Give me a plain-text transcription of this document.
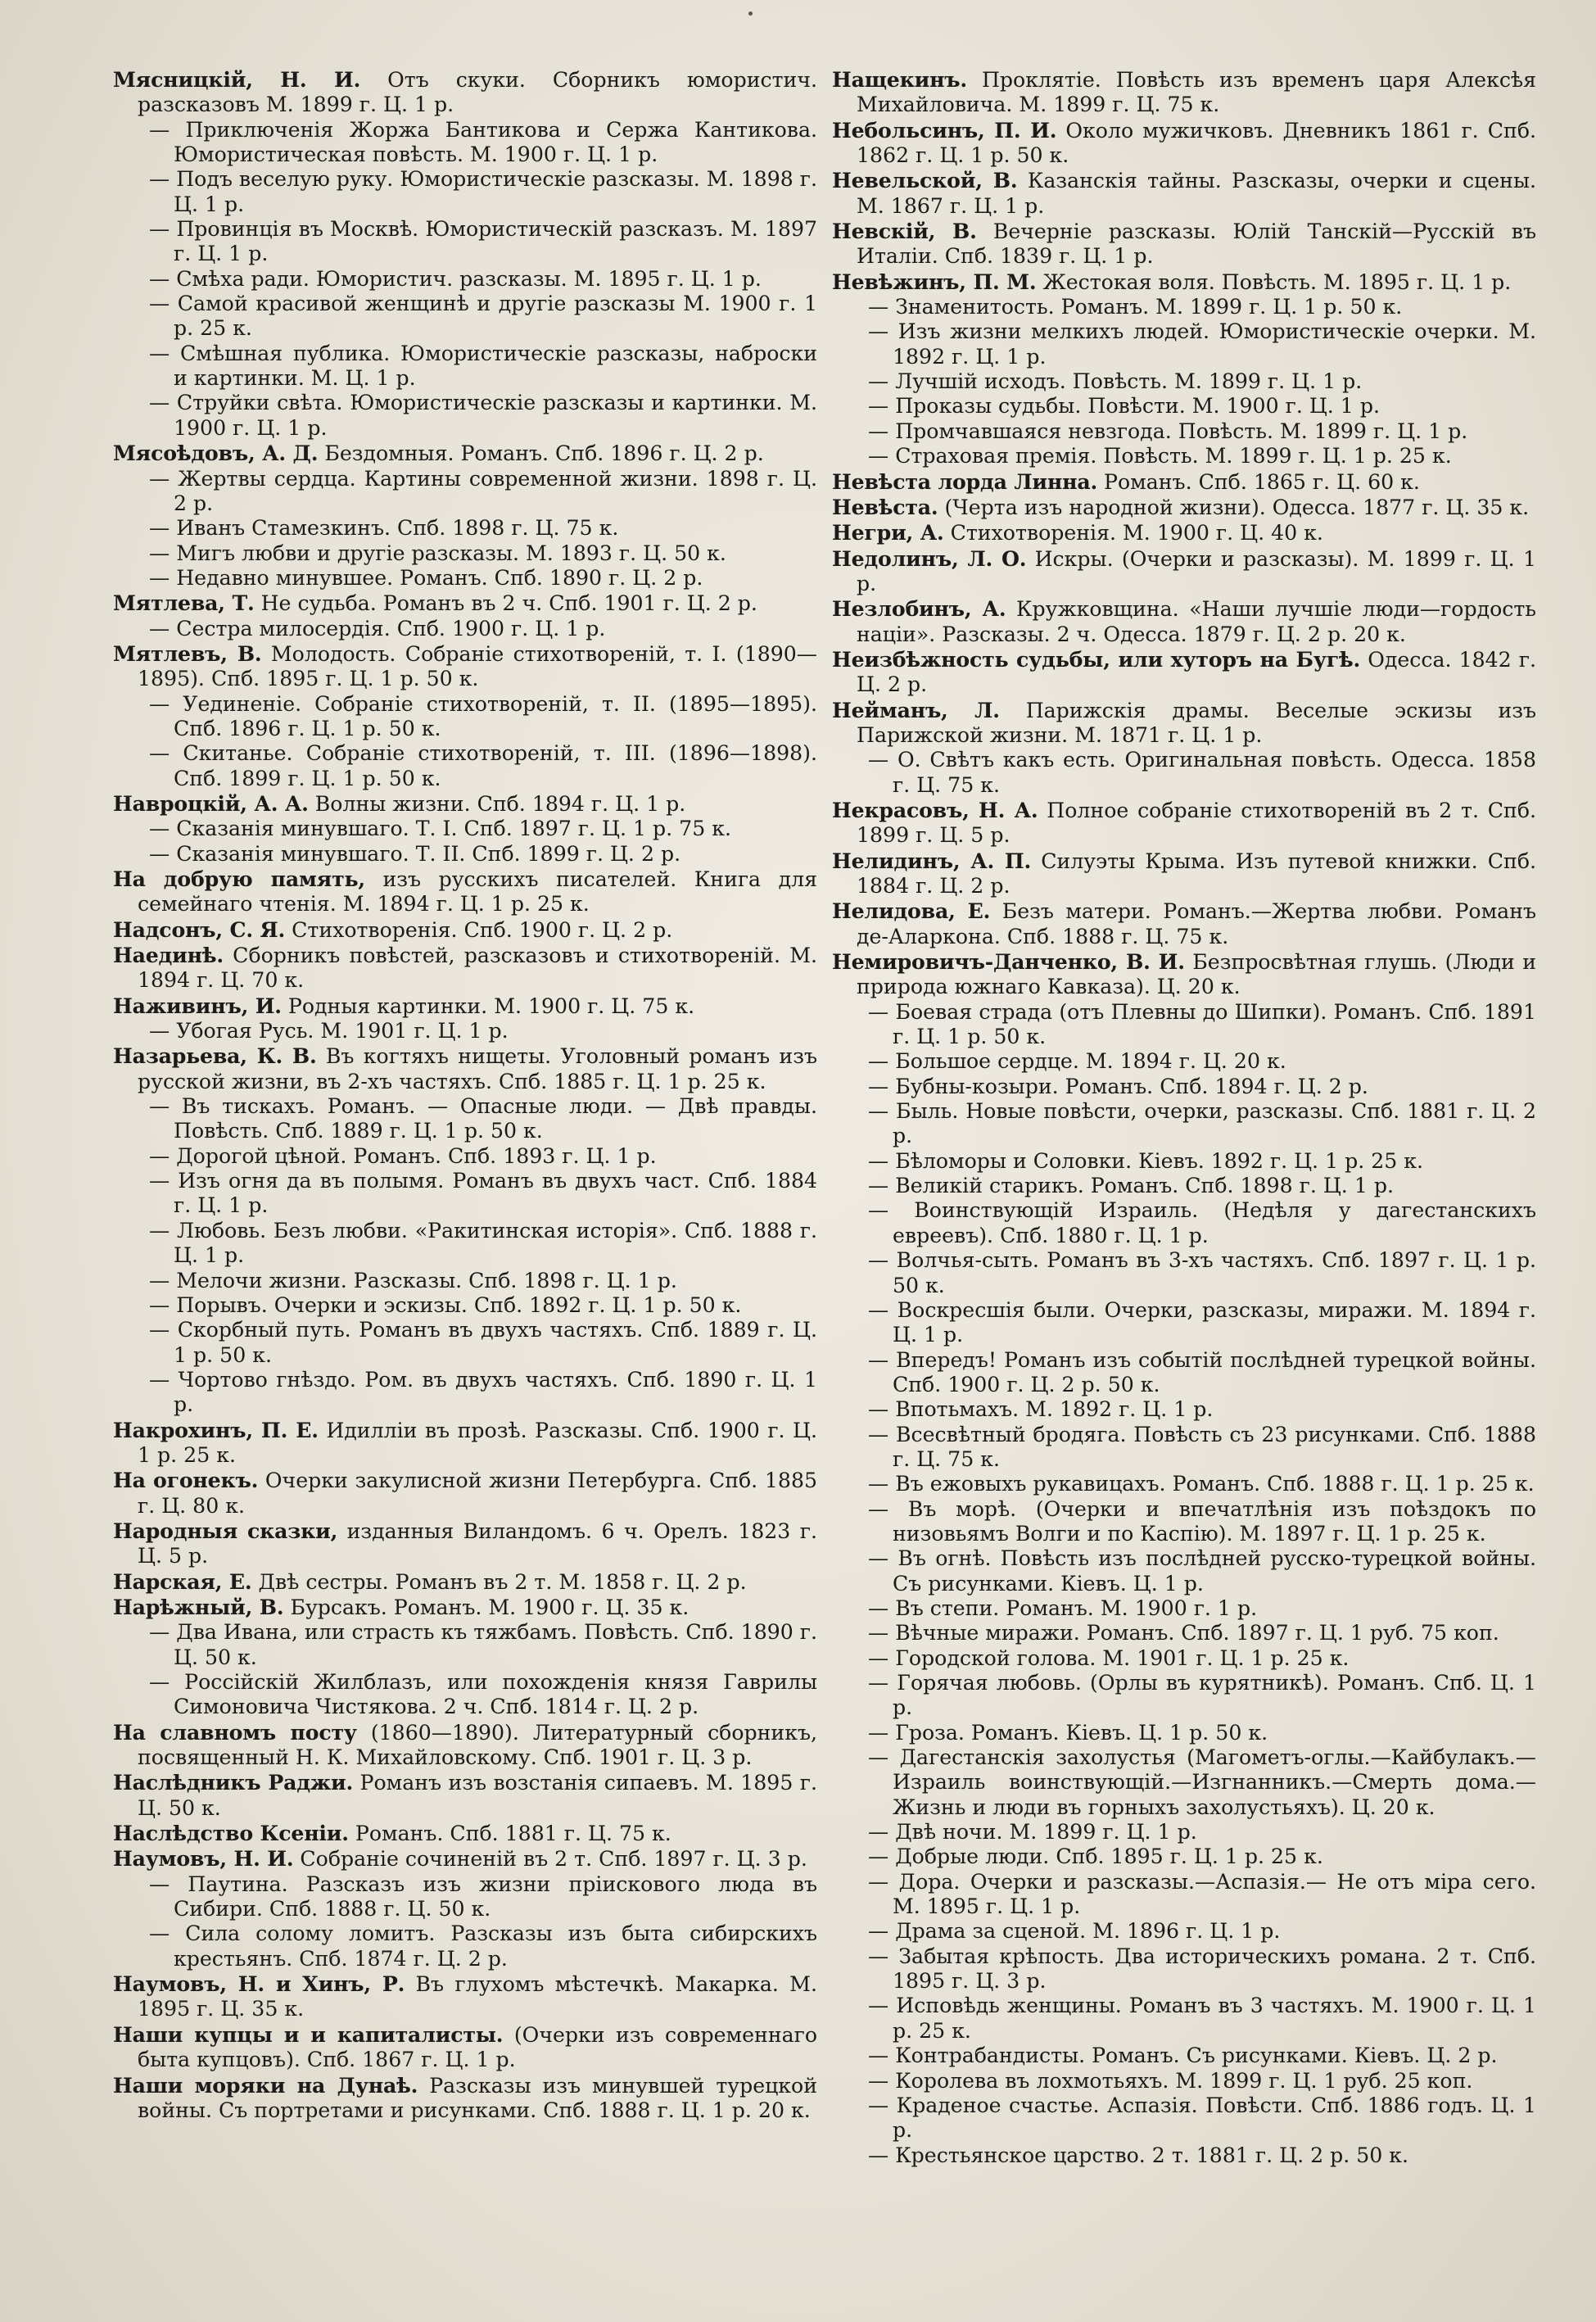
Мясницкій, Н. И. Отъ скуки. Сборникъ юмористич. разсказовъ М. 1899 г. Ц. 1 р.

— Приключенія Жоржа Бантикова и Сержа Кантикова. Юмористическая повѣсть. М. 1900 г. Ц. 1 р.

— Подъ веселую руку. Юмористическіе разсказы. М. 1898 г. Ц. 1 р.

— Провинція въ Москвѣ. Юмористическій разсказъ. М. 1897 г. Ц. 1 р.

— Смѣха ради. Юмористич. разсказы. М. 1895 г. Ц. 1 р.

— Самой красивой женщинѣ и другіе разсказы М. 1900 г. 1 р. 25 к.

— Смѣшная публика. Юмористическіе разсказы, наброски и картинки. М. Ц. 1 р.

— Струйки свѣта. Юмористическіе разсказы и картинки. М. 1900 г. Ц. 1 р.

Мясоѣдовъ, А. Д. Бездомныя. Романъ. Спб. 1896 г. Ц. 2 р.

— Жертвы сердца. Картины современной жизни. 1898 г. Ц. 2 р.

— Иванъ Стамезкинъ. Спб. 1898 г. Ц. 75 к.

— Мигъ любви и другіе разсказы. М. 1893 г. Ц. 50 к.

— Недавно минувшее. Романъ. Спб. 1890 г. Ц. 2 р.

Мятлева, Т. Не судьба. Романъ въ 2 ч. Спб. 1901 г. Ц. 2 р.

— Сестра милосердія. Спб. 1900 г. Ц. 1 р.

Мятлевъ, В. Молодость. Собраніе стихотвореній, т. I. (1890—1895). Спб. 1895 г. Ц. 1 р. 50 к.

— Уединеніе. Собраніе стихотвореній, т. II. (1895—1895). Спб. 1896 г. Ц. 1 р. 50 к.

— Скитанье. Собраніе стихотвореній, т. III. (1896—1898). Спб. 1899 г. Ц. 1 р. 50 к.

Навроцкій, А. А. Волны жизни. Спб. 1894 г. Ц. 1 р.

— Сказанія минувшаго. Т. I. Спб. 1897 г. Ц. 1 р. 75 к.

— Сказанія минувшаго. Т. II. Спб. 1899 г. Ц. 2 р.

На добрую память, изъ русскихъ писателей. Книга для семейнаго чтенія. М. 1894 г. Ц. 1 р. 25 к.

Надсонъ, С. Я. Стихотворенія. Спб. 1900 г. Ц. 2 р.

Наединѣ. Сборникъ повѣстей, разсказовъ и стихотвореній. М. 1894 г. Ц. 70 к.

Наживинъ, И. Родныя картинки. М. 1900 г. Ц. 75 к.

— Убогая Русь. М. 1901 г. Ц. 1 р.

Назарьева, К. В. Въ когтяхъ нищеты. Уголовный романъ изъ русской жизни, въ 2-хъ частяхъ. Спб. 1885 г. Ц. 1 р. 25 к.

— Въ тискахъ. Романъ. — Опасные люди. — Двѣ правды. Повѣсть. Спб. 1889 г. Ц. 1 р. 50 к.

— Дорогой цѣной. Романъ. Спб. 1893 г. Ц. 1 р.

— Изъ огня да въ полымя. Романъ въ двухъ част. Спб. 1884 г. Ц. 1 р.

— Любовь. Безъ любви. «Ракитинская исторія». Спб. 1888 г. Ц. 1 р.

— Мелочи жизни. Разсказы. Спб. 1898 г. Ц. 1 р.

— Порывъ. Очерки и эскизы. Спб. 1892 г. Ц. 1 р. 50 к.

— Скорбный путь. Романъ въ двухъ частяхъ. Спб. 1889 г. Ц. 1 р. 50 к.

— Чортово гнѣздо. Ром. въ двухъ частяхъ. Спб. 1890 г. Ц. 1 р.

Накрохинъ, П. Е. Идилліи въ прозѣ. Разсказы. Спб. 1900 г. Ц. 1 р. 25 к.

На огонекъ. Очерки закулисной жизни Петербурга. Спб. 1885 г. Ц. 80 к.

Народныя сказки, изданныя Виландомъ. 6 ч. Орелъ. 1823 г. Ц. 5 р.

Нарская, Е. Двѣ сестры. Романъ въ 2 т. М. 1858 г. Ц. 2 р.

Нарѣжный, В. Бурсакъ. Романъ. М. 1900 г. Ц. 35 к.

— Два Ивана, или страсть къ тяжбамъ. Повѣсть. Спб. 1890 г. Ц. 50 к.

— Россійскій Жилблазъ, или похожденія князя Гаврилы Симоновича Чистякова. 2 ч. Спб. 1814 г. Ц. 2 р.

На славномъ посту (1860—1890). Литературный сборникъ, посвященный Н. К. Михайловскому. Спб. 1901 г. Ц. 3 р.

Наслѣдникъ Раджи. Романъ изъ возстанія сипаевъ. М. 1895 г. Ц. 50 к.

Наслѣдство Ксеніи. Романъ. Спб. 1881 г. Ц. 75 к.

Наумовъ, Н. И. Собраніе сочиненій въ 2 т. Спб. 1897 г. Ц. 3 р.

— Паутина. Разсказъ изъ жизни пріискового люда въ Сибири. Спб. 1888 г. Ц. 50 к.

— Сила солому ломитъ. Разсказы изъ быта сибирскихъ крестьянъ. Спб. 1874 г. Ц. 2 р.

Наумовъ, Н. и Хинъ, Р. Въ глухомъ мѣстечкѣ. Макарка. М. 1895 г. Ц. 35 к.

Наши купцы и и капиталисты. (Очерки изъ современнаго быта купцовъ). Спб. 1867 г. Ц. 1 р.

Наши моряки на Дунаѣ. Разсказы изъ минувшей турецкой войны. Съ портретами и рисунками. Спб. 1888 г. Ц. 1 р. 20 к.

Нащекинъ. Проклятіе. Повѣсть изъ временъ царя Алексѣя Михайловича. М. 1899 г. Ц. 75 к.

Небольсинъ, П. И. Около мужичковъ. Дневникъ 1861 г. Спб. 1862 г. Ц. 1 р. 50 к.

Невельской, В. Казанскія тайны. Разсказы, очерки и сцены. М. 1867 г. Ц. 1 р.

Невскій, В. Вечерніе разсказы. Юлій Танскій—Русскій въ Италіи. Спб. 1839 г. Ц. 1 р.

Невѣжинъ, П. М. Жестокая воля. Повѣсть. М. 1895 г. Ц. 1 р.

— Знаменитость. Романъ. М. 1899 г. Ц. 1 р. 50 к.

— Изъ жизни мелкихъ людей. Юмористическіе очерки. М. 1892 г. Ц. 1 р.

— Лучшій исходъ. Повѣсть. М. 1899 г. Ц. 1 р.

— Проказы судьбы. Повѣсти. М. 1900 г. Ц. 1 р.

— Промчавшаяся невзгода. Повѣсть. М. 1899 г. Ц. 1 р.

— Страховая премія. Повѣсть. М. 1899 г. Ц. 1 р. 25 к.

Невѣста лорда Линна. Романъ. Спб. 1865 г. Ц. 60 к.

Невѣста. (Черта изъ народной жизни). Одесса. 1877 г. Ц. 35 к.

Негри, А. Стихотворенія. М. 1900 г. Ц. 40 к.

Недолинъ, Л. О. Искры. (Очерки и разсказы). М. 1899 г. Ц. 1 р.

Незлобинъ, А. Кружковщина. «Наши лучшіе люди—гордость націи». Разсказы. 2 ч. Одесса. 1879 г. Ц. 2 р. 20 к.

Неизбѣжность судьбы, или хуторъ на Бугѣ. Одесса. 1842 г. Ц. 2 р.

Нейманъ, Л. Парижскія драмы. Веселые эскизы изъ Парижской жизни. М. 1871 г. Ц. 1 р.

— О. Свѣтъ какъ есть. Оригинальная повѣсть. Одесса. 1858 г. Ц. 75 к.

Некрасовъ, Н. А. Полное собраніе стихотвореній въ 2 т. Спб. 1899 г. Ц. 5 р.

Нелидинъ, А. П. Силуэты Крыма. Изъ путевой книжки. Спб. 1884 г. Ц. 2 р.

Нелидова, Е. Безъ матери. Романъ.—Жертва любви. Романъ де-Аларкона. Спб. 1888 г. Ц. 75 к.

Немировичъ-Данченко, В. И. Безпросвѣтная глушь. (Люди и природа южнаго Кавказа). Ц. 20 к.

— Боевая страда (отъ Плевны до Шипки). Романъ. Спб. 1891 г. Ц. 1 р. 50 к.

— Большое сердце. М. 1894 г. Ц. 20 к.

— Бубны-козыри. Романъ. Спб. 1894 г. Ц. 2 р.

— Быль. Новые повѣсти, очерки, разсказы. Спб. 1881 г. Ц. 2 р.

— Бѣломоры и Соловки. Кіевъ. 1892 г. Ц. 1 р. 25 к.

— Великій старикъ. Романъ. Спб. 1898 г. Ц. 1 р.

— Воинствующій Израиль. (Недѣля у дагестанскихъ евреевъ). Спб. 1880 г. Ц. 1 р.

— Волчья-сыть. Романъ въ 3-хъ частяхъ. Спб. 1897 г. Ц. 1 р. 50 к.

— Воскресшія были. Очерки, разсказы, миражи. М. 1894 г. Ц. 1 р.

— Впередъ! Романъ изъ событій послѣдней турецкой войны. Спб. 1900 г. Ц. 2 р. 50 к.

— Впотьмахъ. М. 1892 г. Ц. 1 р.

— Всесвѣтный бродяга. Повѣсть съ 23 рисунками. Спб. 1888 г. Ц. 75 к.

— Въ ежовыхъ рукавицахъ. Романъ. Спб. 1888 г. Ц. 1 р. 25 к.

— Въ морѣ. (Очерки и впечатлѣнія изъ поѣздокъ по низовьямъ Волги и по Каспію). М. 1897 г. Ц. 1 р. 25 к.

— Въ огнѣ. Повѣсть изъ послѣдней русско-турецкой войны. Съ рисунками. Кіевъ. Ц. 1 р.

— Въ степи. Романъ. М. 1900 г. 1 р.

— Вѣчные миражи. Романъ. Спб. 1897 г. Ц. 1 руб. 75 коп.

— Городской голова. М. 1901 г. Ц. 1 р. 25 к.

— Горячая любовь. (Орлы въ курятникѣ). Романъ. Спб. Ц. 1 р.

— Гроза. Романъ. Кіевъ. Ц. 1 р. 50 к.

— Дагестанскія захолустья (Магометъ-оглы.—Кайбулакъ.—Израиль воинствующій.—Изгнанникъ.—Смерть дома.—Жизнь и люди въ горныхъ захолустьяхъ). Ц. 20 к.

— Двѣ ночи. М. 1899 г. Ц. 1 р.

— Добрые люди. Спб. 1895 г. Ц. 1 р. 25 к.

— Дора. Очерки и разсказы.—Аспазія.— Не отъ міра сего. М. 1895 г. Ц. 1 р.

— Драма за сценой. М. 1896 г. Ц. 1 р.

— Забытая крѣпость. Два историческихъ романа. 2 т. Спб. 1895 г. Ц. 3 р.

— Исповѣдь женщины. Романъ въ 3 частяхъ. М. 1900 г. Ц. 1 р. 25 к.

— Контрабандисты. Романъ. Съ рисунками. Кіевъ. Ц. 2 р.

— Королева въ лохмотьяхъ. М. 1899 г. Ц. 1 руб. 25 коп.

— Краденое счастье. Аспазія. Повѣсти. Спб. 1886 годъ. Ц. 1 р.

— Крестьянское царство. 2 т. 1881 г. Ц. 2 р. 50 к.
